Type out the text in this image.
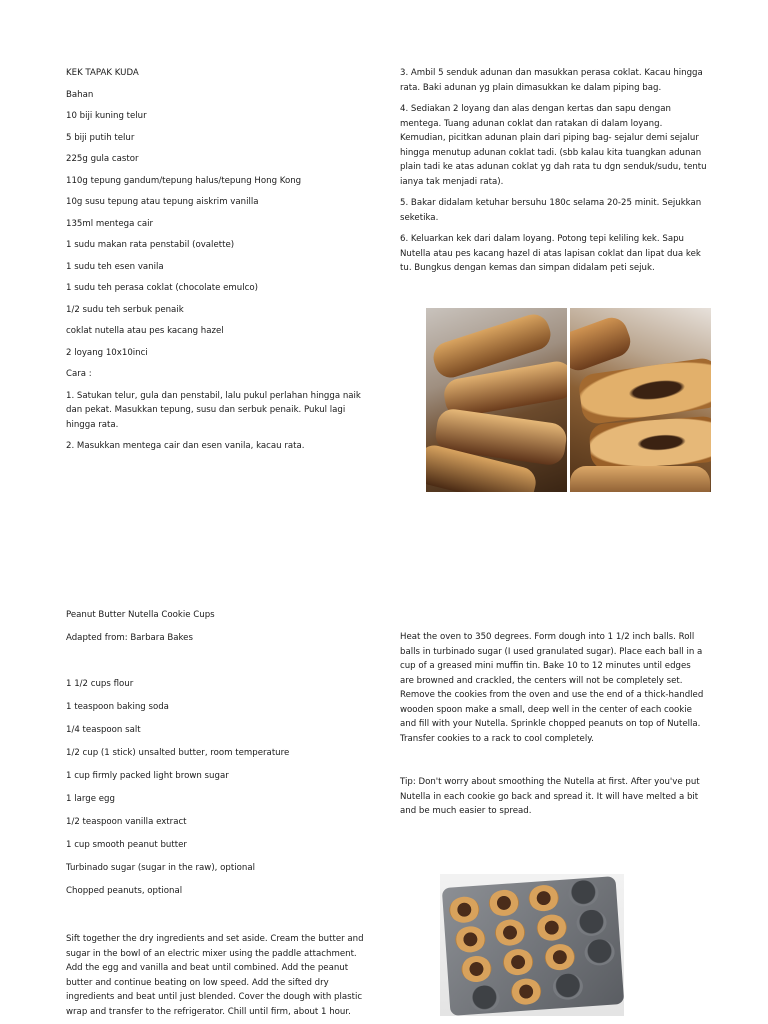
KEK TAPAK KUDA

Bahan

10 biji kuning telur

5 biji putih telur

225g gula castor

110g tepung gandum/tepung halus/tepung Hong Kong

10g susu tepung atau tepung aiskrim vanilla

135ml mentega cair

1 sudu makan rata penstabil (ovalette)

1 sudu teh esen vanila

1 sudu teh perasa coklat (chocolate emulco)

1/2 sudu teh serbuk penaik

coklat nutella atau pes kacang hazel

2 loyang 10x10inci

Cara :

1. Satukan telur, gula dan penstabil, lalu pukul perlahan hingga naik dan pekat. Masukkan tepung, susu dan serbuk penaik. Pukul lagi hingga rata.

2. Masukkan mentega cair dan esen vanila, kacau rata.

3. Ambil 5 senduk adunan dan masukkan perasa coklat. Kacau hingga rata. Baki adunan yg plain dimasukkan ke dalam piping bag.

4. Sediakan 2 loyang dan alas dengan kertas dan sapu dengan mentega. Tuang adunan coklat dan ratakan di dalam loyang. Kemudian, picitkan adunan plain dari piping bag- sejalur demi sejalur hingga menutup adunan coklat tadi. (sbb kalau kita tuangkan adunan plain tadi ke atas adunan coklat yg dah rata tu dgn senduk/sudu, tentu ianya tak menjadi rata).

5. Bakar didalam ketuhar bersuhu 180c selama 20-25 minit. Sejukkan seketika.

6. Keluarkan kek dari dalam loyang. Potong tepi keliling kek. Sapu Nutella atau pes kacang hazel di atas lapisan coklat dan lipat dua kek tu. Bungkus dengan kemas dan simpan didalam peti sejuk.

Peanut Butter Nutella Cookie Cups

Adapted from: Barbara Bakes

1 1/2 cups flour

1 teaspoon baking soda

1/4 teaspoon salt

1/2 cup (1 stick) unsalted butter, room temperature

1 cup firmly packed light brown sugar

1 large egg

1/2 teaspoon vanilla extract

1 cup smooth peanut butter

Turbinado sugar (sugar in the raw), optional

Chopped peanuts, optional

Sift together the dry ingredients and set aside. Cream the butter and sugar in the bowl of an electric mixer using the paddle attachment. Add the egg and vanilla and beat until combined. Add the peanut butter and continue beating on low speed. Add the sifted dry ingredients and beat until just blended. Cover the dough with plastic wrap and transfer to the refrigerator. Chill until firm, about 1 hour.

Heat the oven to 350 degrees. Form dough into 1 1/2 inch balls. Roll balls in turbinado sugar (I used granulated sugar). Place each ball in a cup of a greased mini muffin tin. Bake 10 to 12 minutes until edges are browned and crackled, the centers will not be completely set. Remove the cookies from the oven and use the end of a thick-handled wooden spoon make a small, deep well in the center of each cookie and fill with your Nutella. Sprinkle chopped peanuts on top of Nutella. Transfer cookies to a rack to cool completely.

Tip: Don't worry about smoothing the Nutella at first. After you've put Nutella in each cookie go back and spread it. It will have melted a bit and be much easier to spread.
